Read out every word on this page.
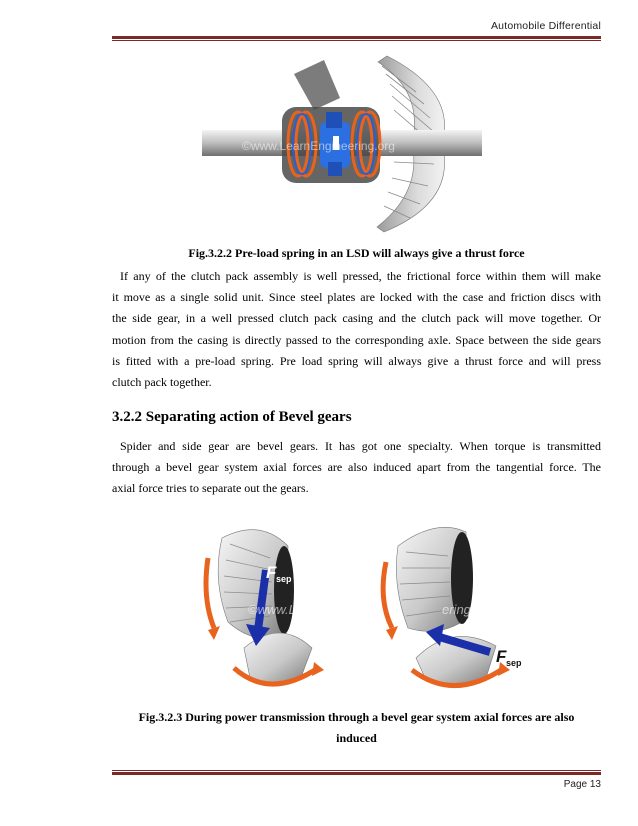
Automobile Differential
©www.LearnEngineering.org
Fig.3.2.2 Pre-load spring in an LSD will always give a thrust force
If any of the clutch pack assembly is well pressed, the frictional force within them will make
it move as a single solid unit. Since steel plates are locked with the case and friction discs with
the side gear, in a well pressed clutch pack casing and the clutch pack will move together. Or
motion from the casing is directly passed to the corresponding axle. Space between the side gears
is fitted with a pre-load spring. Pre load spring will always give a thrust force and will press
clutch pack together.
3.2.2 Separating action of Bevel gears
Spider and side gear are bevel gears. It has got one specialty. When torque is transmitted
through a bevel gear system axial forces are also induced apart from the tangential force. The
axial force tries to separate out the gears.
F sep
©www.LearnEn
F sep
ering.org
Fig.3.2.3 During power transmission through a bevel gear system axial forces are also
induced
Page 13
